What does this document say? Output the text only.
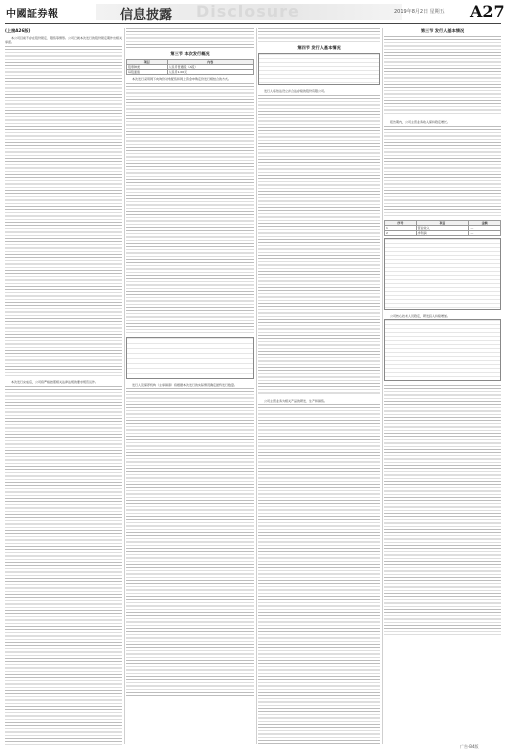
中國証券報	信息披露 Disclosure	2019年8月2日 星期五 A27
(上接A26版)
本公司目前不存在股份锁定、限售等情形。公司已就本次发行的股份锁定期作出相关承诺。
本次发行完成后，公司将严格按照相关法律法规的要求规范运作。
第三节 本次发行概况
项目	内容
股票种类	人民币普通股（A股）
每股面值	人民币1.00元
本次发行采用网下向询价对象配售和网上资金申购定价发行相结合的方式。
发行人及保荐机构（主承销商）将根据本次发行的实际情况确定最终发行数量。
第四节 发行人基本情况
发行人系依法设立并合法存续的股份有限公司。
公司主营业务为相关产品的研发、生产和销售。
第三节 发行人基本情况
报告期内，公司主营业务收入保持稳定增长。
序号	项目	金额
1	营业收入	—
2	净利润	—
公司核心技术人员稳定，研发投入持续增加。
广告·B4版
